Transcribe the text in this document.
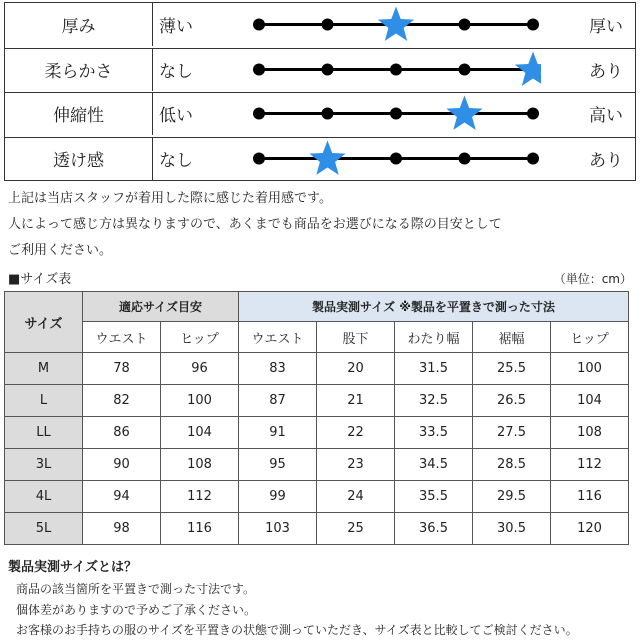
厚み	薄い	厚い
柔らかさ	なし	あり
伸縮性	低い	高い
透け感	なし	あり
上記は当店スタッフが着用した際に感じた着用感です。
人によって感じ方は異なりますので、あくまでも商品をお選びになる際の目安として
ご利用ください。
■サイズ表	（単位：cm）
サイズ	適応サイズ目安		製品実測サイズ ※製品を平置きで測った寸法				
	ウエスト	ヒップ	ウエスト	股下	わたり幅	裾幅	ヒップ
M	78	96	83	20	31.5	25.5	100
L	82	100	87	21	32.5	26.5	104
LL	86	104	91	22	33.5	27.5	108
3L	90	108	95	23	34.5	28.5	112
4L	94	112	99	24	35.5	29.5	116
5L	98	116	103	25	36.5	30.5	120
製品実測サイズとは？
商品の該当箇所を平置きで測った寸法です。
個体差がありますので予めご了承ください。
お客様のお手持ちの服のサイズを平置きの状態で測っていただき、サイズ表と比較してご検討ください。
